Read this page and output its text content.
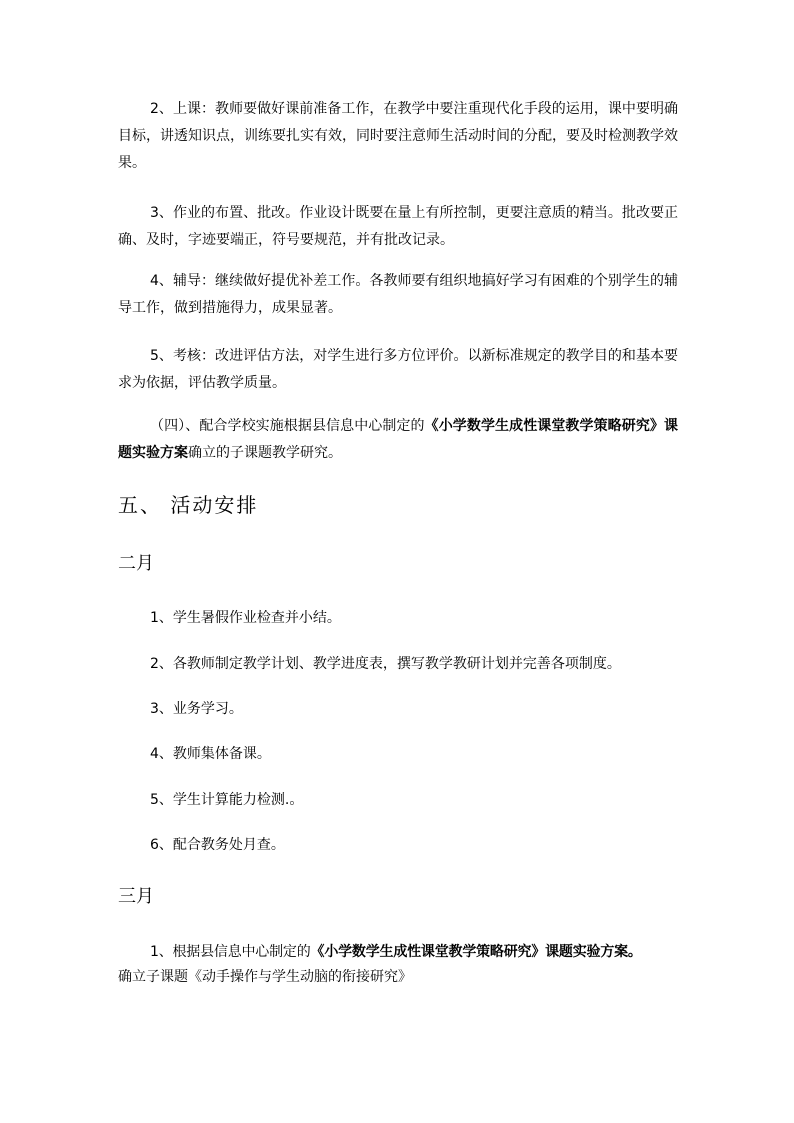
2、上课：教师要做好课前准备工作，在教学中要注重现代化手段的运用，课中要明确目标，讲透知识点，训练要扎实有效，同时要注意师生活动时间的分配，要及时检测教学效果。
3、作业的布置、批改。作业设计既要在量上有所控制，更要注意质的精当。批改要正确、及时，字迹要端正，符号要规范，并有批改记录。
4、辅导：继续做好提优补差工作。各教师要有组织地搞好学习有困难的个别学生的辅导工作，做到措施得力，成果显著。
5、考核：改进评估方法，对学生进行多方位评价。以新标准规定的教学目的和基本要求为依据，评估教学质量。
（四）、配合学校实施根据县信息中心制定的《小学数学生成性课堂教学策略研究》课题实验方案确立的子课题教学研究。
五、 活动安排
二月
1、学生暑假作业检查并小结。
2、各教师制定教学计划、教学进度表，撰写教学教研计划并完善各项制度。
3、业务学习。
4、教师集体备课。
5、学生计算能力检测.。
6、配合教务处月查。
三月
1、根据县信息中心制定的《小学数学生成性课堂教学策略研究》课题实验方案。
确立子课题《动手操作与学生动脑的衔接研究》
